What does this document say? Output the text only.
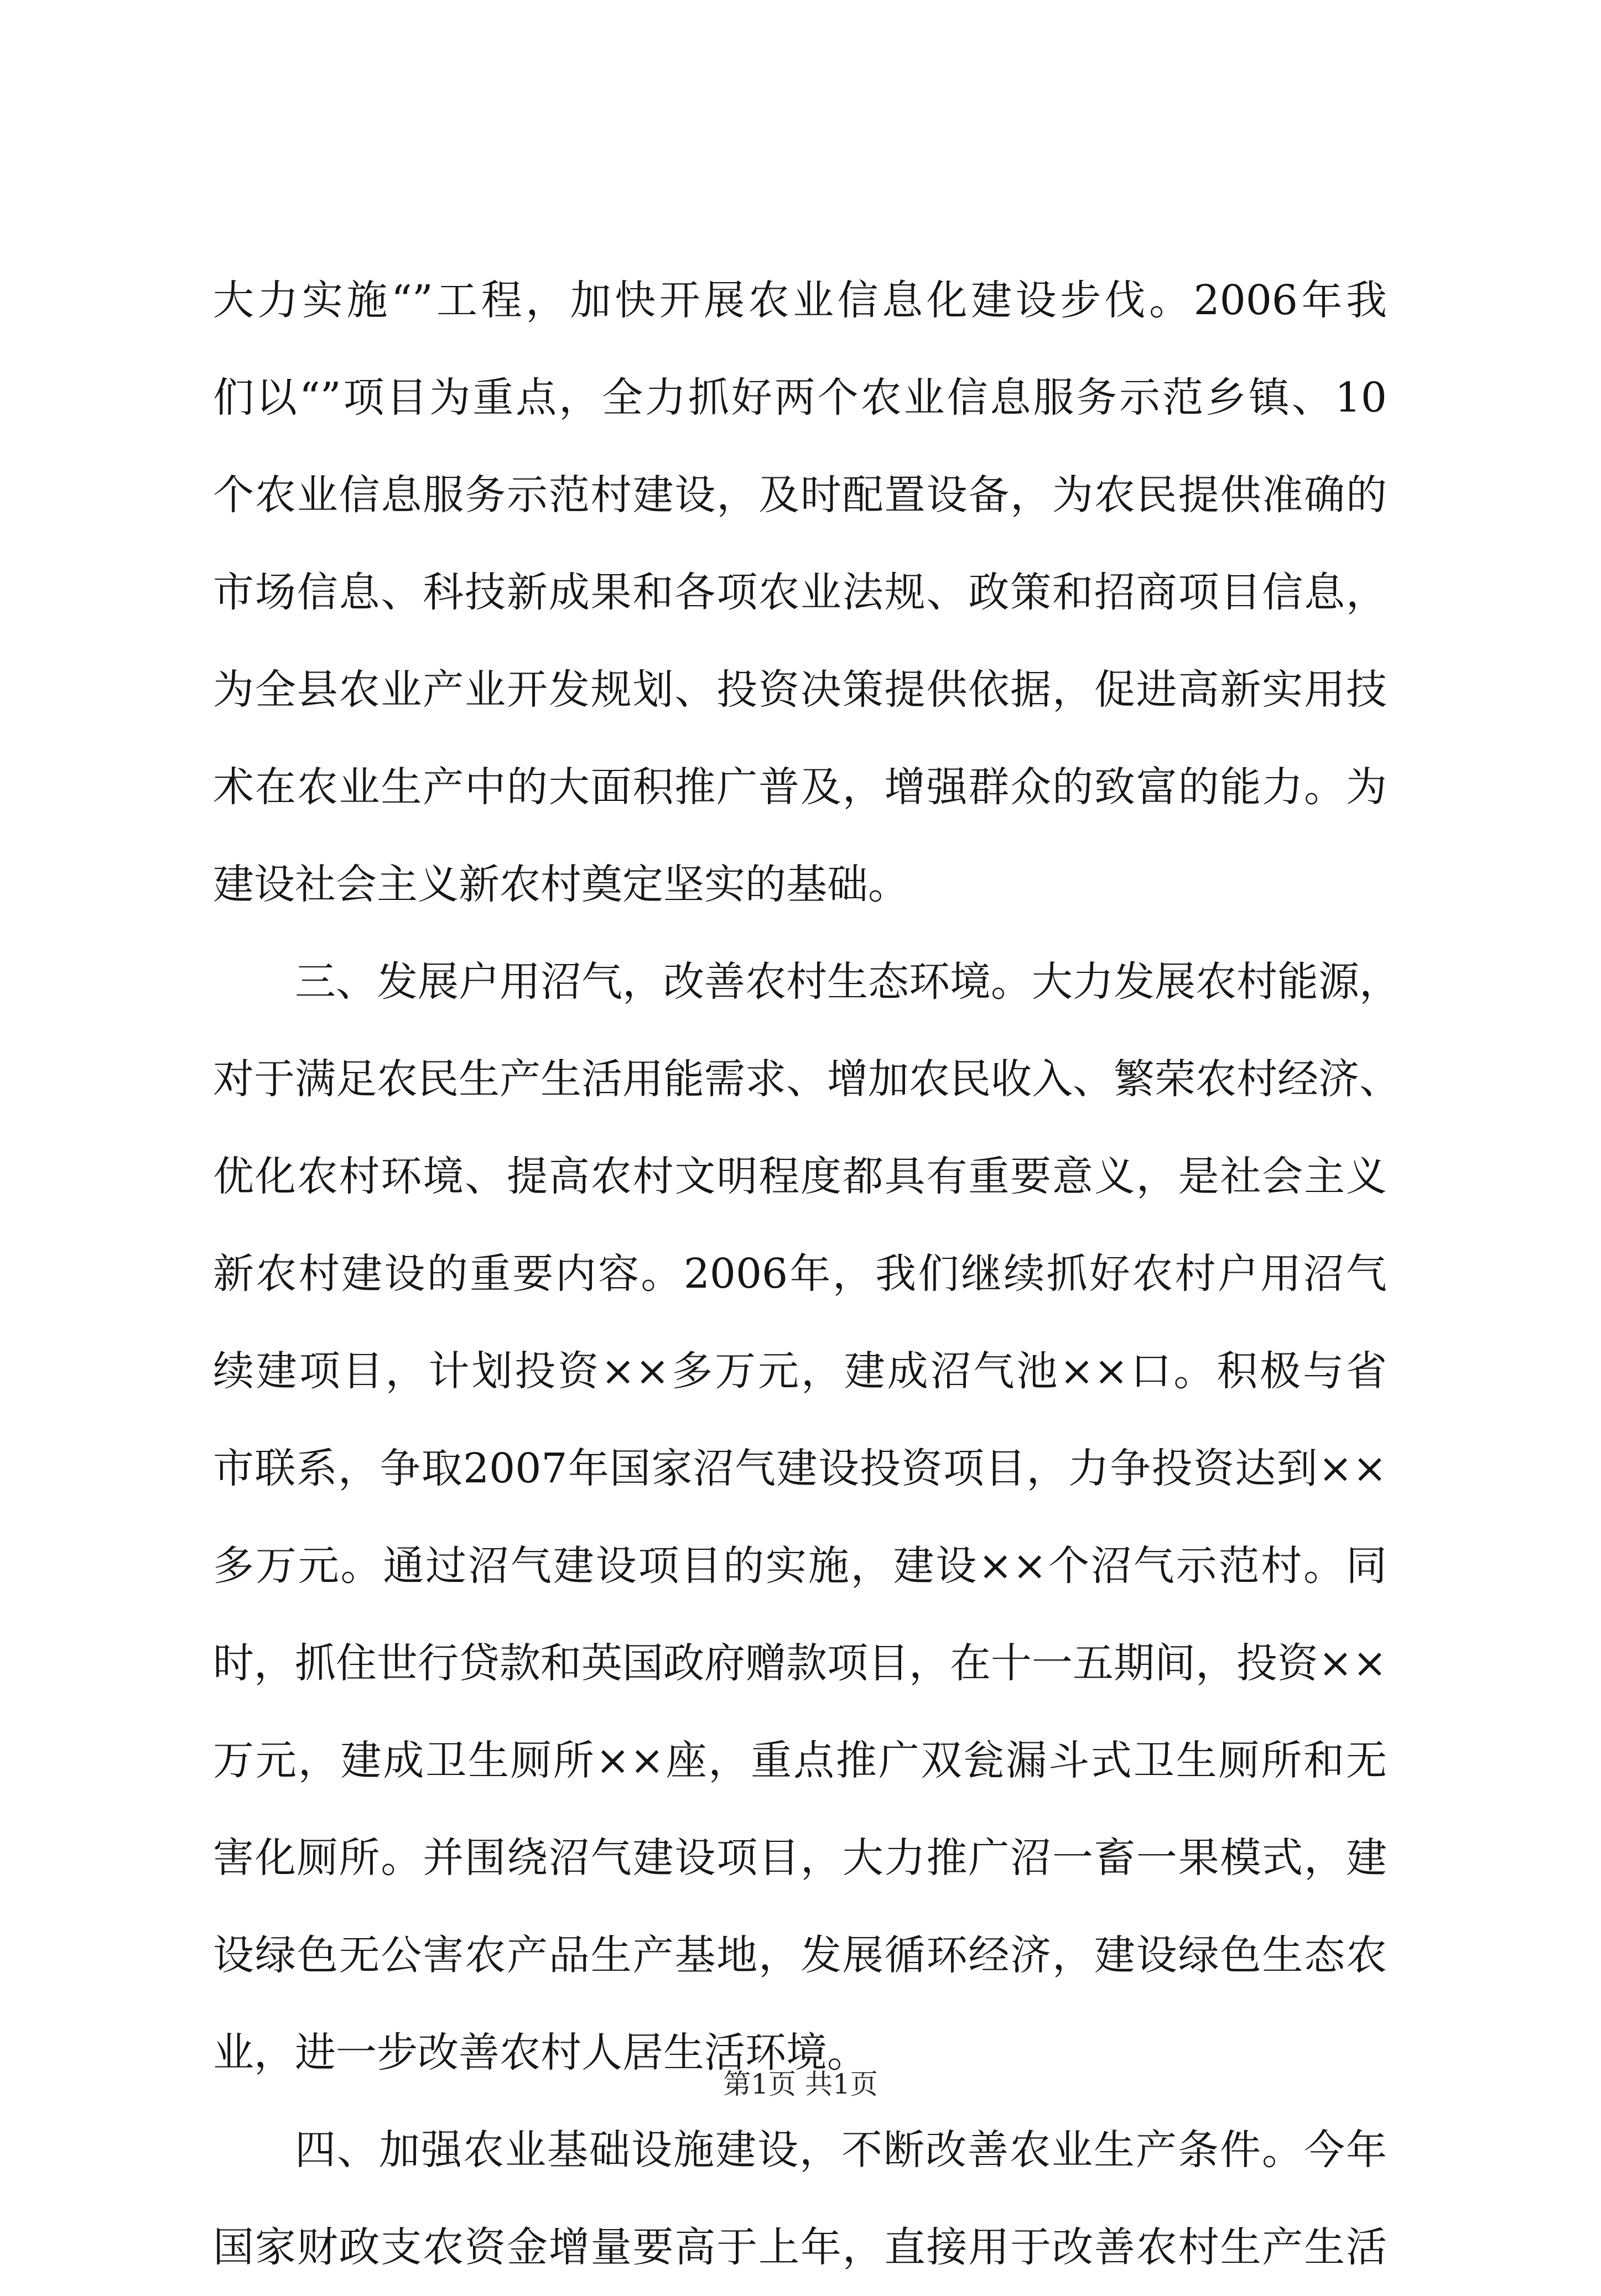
大力实施“”工程，加快开展农业信息化建设步伐。2006年我
们以“”项目为重点，全力抓好两个农业信息服务示范乡镇、10
个农业信息服务示范村建设，及时配置设备，为农民提供准确的
市场信息、科技新成果和各项农业法规、政策和招商项目信息，
为全县农业产业开发规划、投资决策提供依据，促进高新实用技
术在农业生产中的大面积推广普及，增强群众的致富的能力。为
建设社会主义新农村奠定坚实的基础。
三、发展户用沼气，改善农村生态环境。大力发展农村能源，
对于满足农民生产生活用能需求、增加农民收入、繁荣农村经济、
优化农村环境、提高农村文明程度都具有重要意义，是社会主义
新农村建设的重要内容。2006年，我们继续抓好农村户用沼气
续建项目，计划投资××多万元，建成沼气池××口。积极与省
市联系，争取2007年国家沼气建设投资项目，力争投资达到××
多万元。通过沼气建设项目的实施，建设××个沼气示范村。同
时，抓住世行贷款和英国政府赠款项目，在十一五期间，投资××
万元，建成卫生厕所××座，重点推广双瓮漏斗式卫生厕所和无
害化厕所。并围绕沼气建设项目，大力推广沼一畜一果模式，建
设绿色无公害农产品生产基地，发展循环经济，建设绿色生态农
业，进一步改善农村人居生活环境。
四、加强农业基础设施建设，不断改善农业生产条件。今年
国家财政支农资金增量要高于上年，直接用于改善农村生产生活
第1页 共1页
